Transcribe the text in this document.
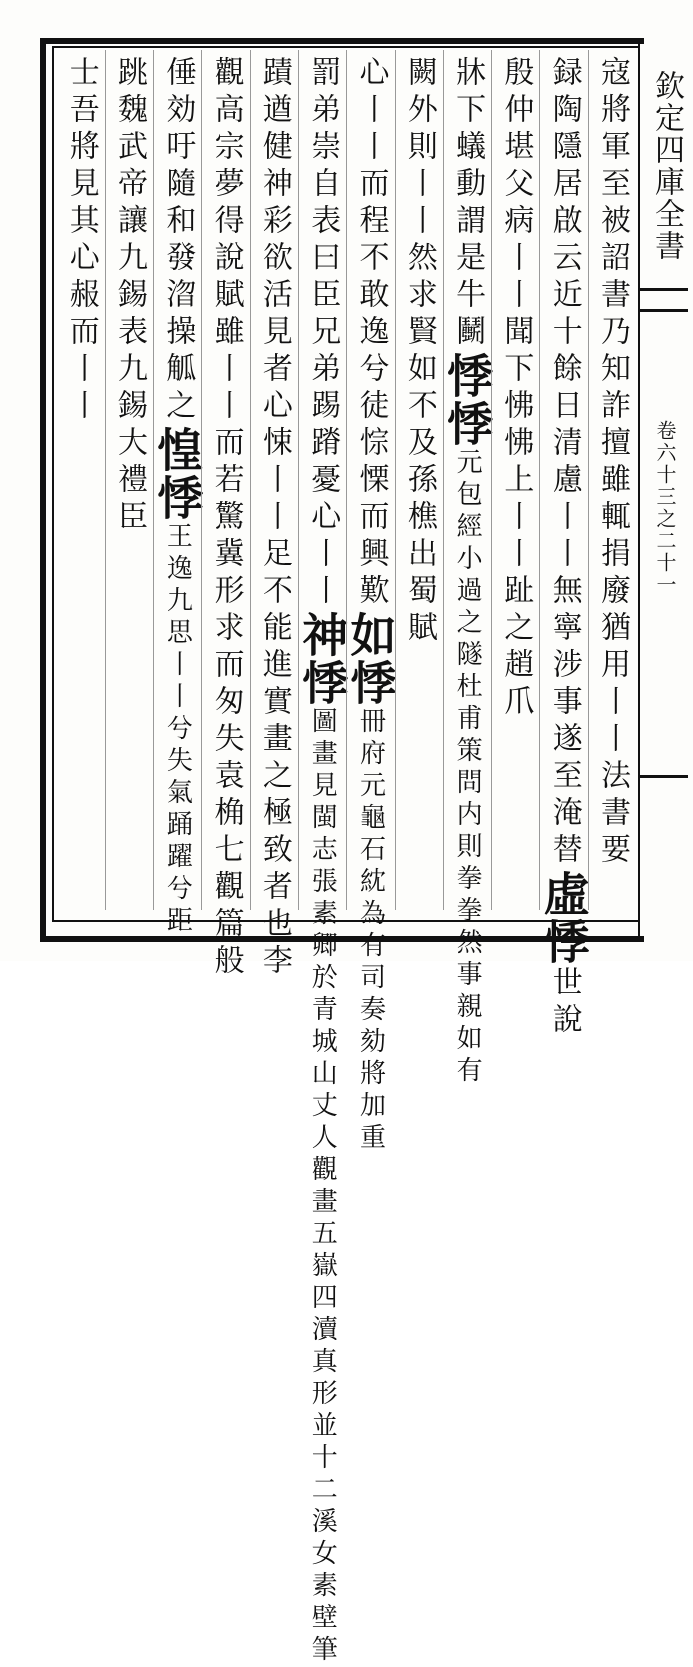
欽定四庫全書
卷六十三之二十一
寇將軍至被詔書乃知詐擅雖輒捐廢猶用丨丨法書要
録陶隱居啟云近十餘日清慮丨丨無寧涉事遂至淹替虛悸世說
殷仲堪父病丨丨聞下怫怫上丨丨趾之趙爪
牀下蟻動謂是牛鬭悸悸元包經小過之隧杜甫策問内則拳拳然事親如有
闕外則丨丨然求賢如不及孫樵出蜀賦
心丨丨而程不敢逸兮徒悰慄而興歎如悸冊府元龜石紞為有司奏劾將加重
罰弟崇自表曰臣兄弟踢蹐憂心丨丨神悸圖畫見閩志張素卿於青城山丈人觀畫五嶽四瀆真形並十二溪女素壁筆
蹟遒健神彩欲活見者心悚丨丨足不能進實畫之極致者也李
觀高宗夢得說賦雖丨丨而若驚冀形求而匆失袁桷七觀篇般
倕効吁隨和發㳷操觚之惶悸王逸九思丨丨兮失氣踊躍兮距
跳魏武帝讓九錫表九錫大禮臣
士吾將見其心赧而丨丨
